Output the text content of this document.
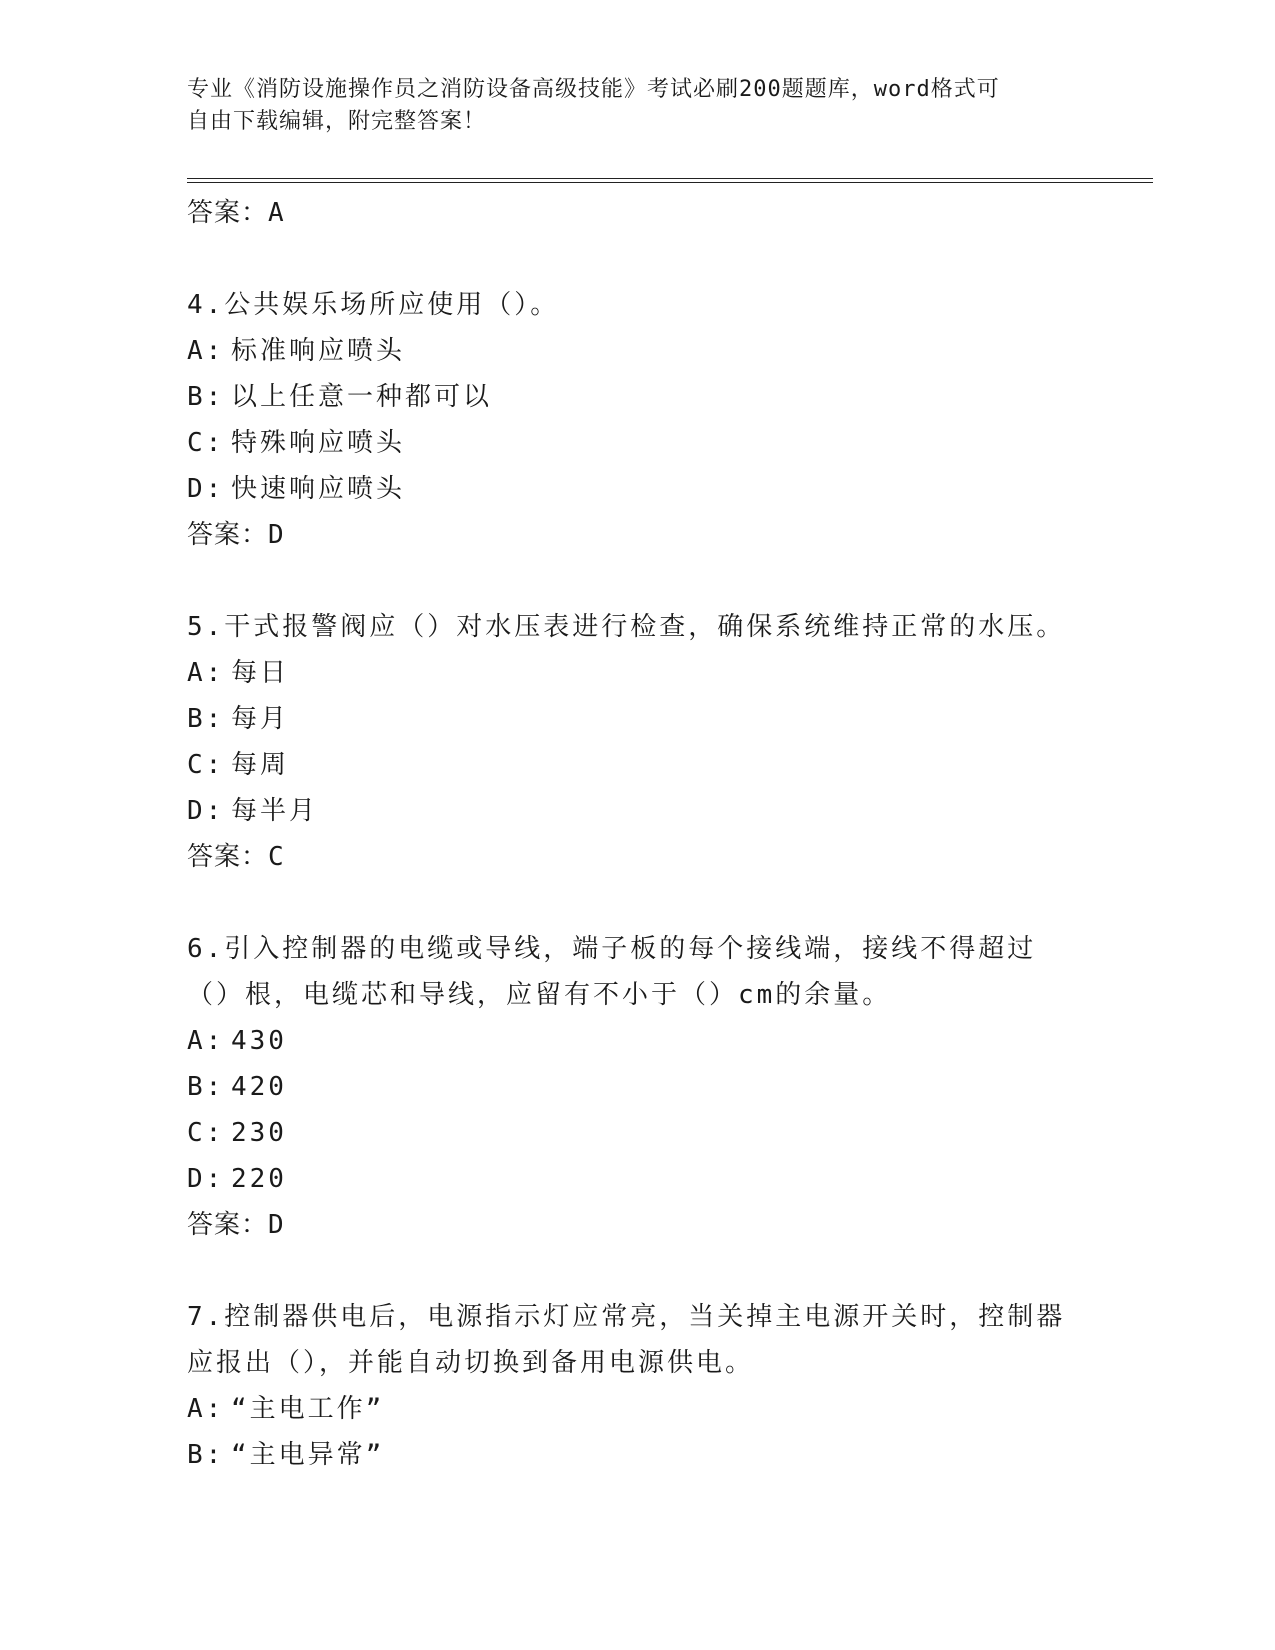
专业《消防设施操作员之消防设备高级技能》考试必刷200题题库，word格式可
自由下载编辑，附完整答案！
答案：A
4.公共娱乐场所应使用（）。
A: 标准响应喷头
B: 以上任意一种都可以
C: 特殊响应喷头
D: 快速响应喷头
答案：D
5.干式报警阀应（）对水压表进行检查，确保系统维持正常的水压。
A: 每日
B: 每月
C: 每周
D: 每半月
答案：C
6.引入控制器的电缆或导线，端子板的每个接线端，接线不得超过（）根，电缆芯和导线，应留有不小于（）cm的余量。
A: 430
B: 420
C: 230
D: 220
答案：D
7.控制器供电后，电源指示灯应常亮，当关掉主电源开关时，控制器应报出（），并能自动切换到备用电源供电。
A: “主电工作”
B: “主电异常”
